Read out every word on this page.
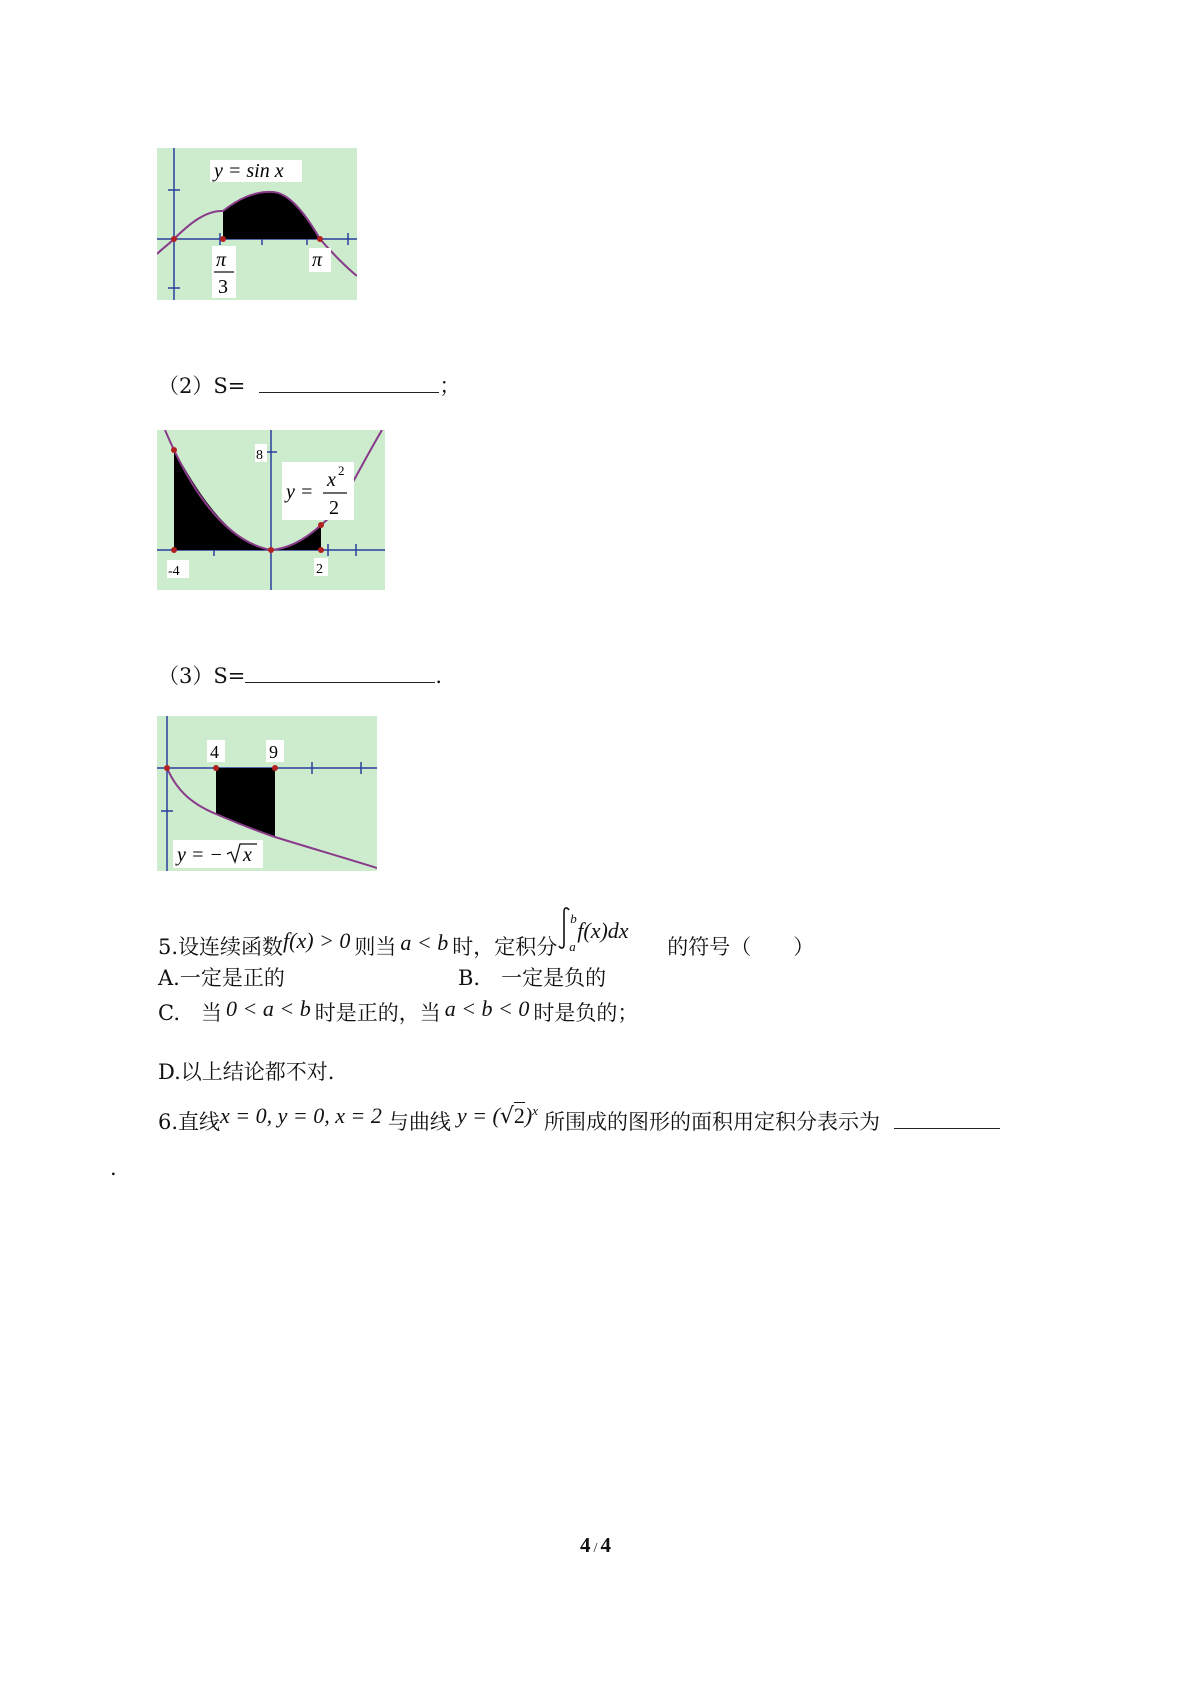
y = sin x
π
3
π
（2）S=	；
8
-4	2
y =
x 2
2
（3）S=	.
4	9
y = − x
5.设连续函数f(x) > 0 则当 a < b 时，定积分
b
a
f(x)dx
的符号（　　）
A.一定是正的	B.　一定是负的
C.　当 0 < a < b 时是正的，当 a < b < 0 时是负的；
D.以上结论都不对.
6.直线x = 0, y = 0, x = 2 与曲线 $y = (√2)^x$ 所围成的图形的面积用定积分表示为
.
4 / 4
